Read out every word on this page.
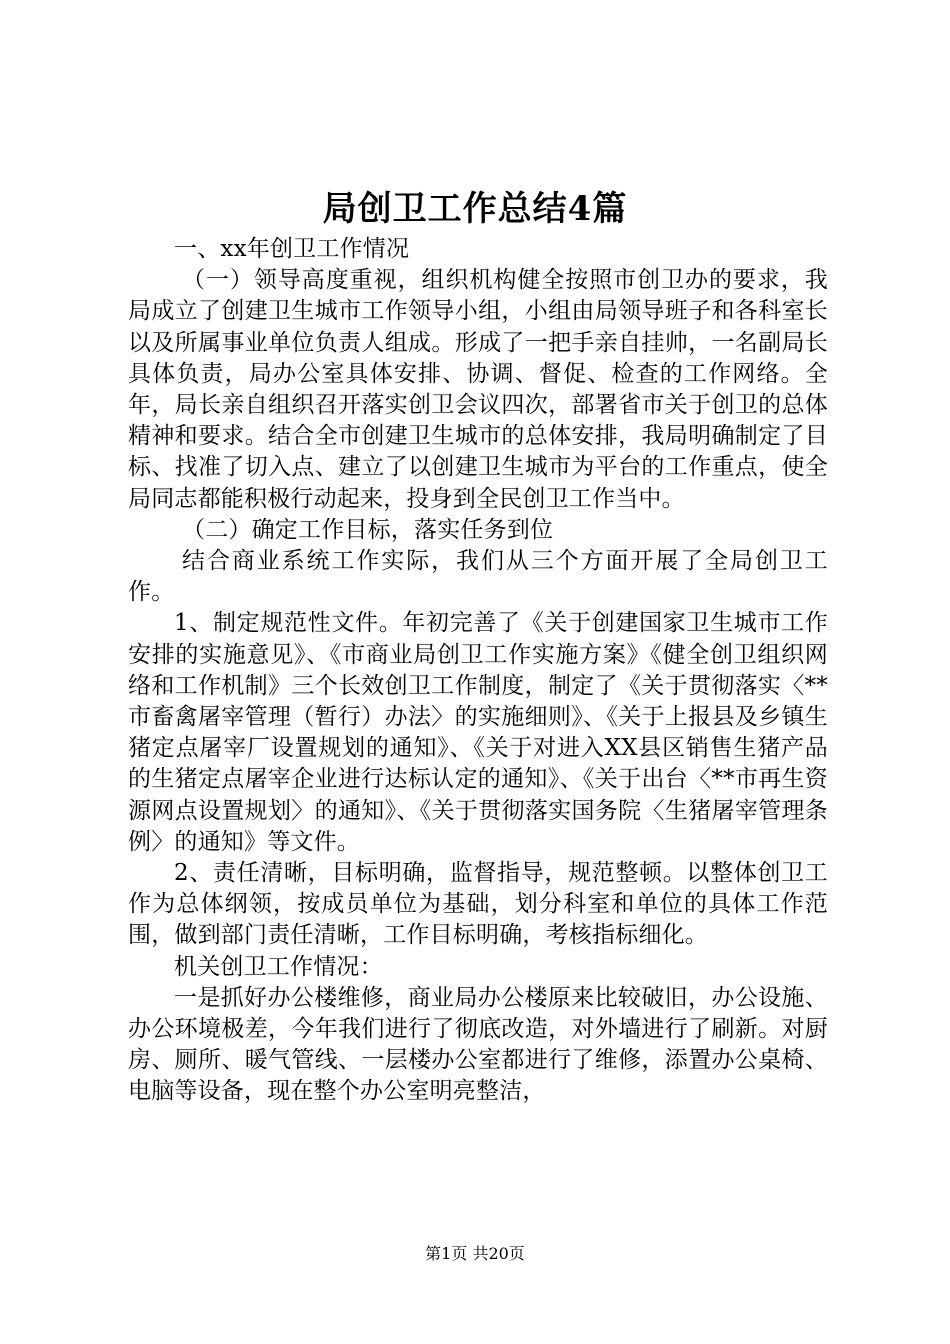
局创卫工作总结4篇

一、xx年创卫工作情况

（一）领导高度重视，组织机构健全按照市创卫办的要求，我局成立了创建卫生城市工作领导小组，小组由局领导班子和各科室长以及所属事业单位负责人组成。形成了一把手亲自挂帅，一名副局长具体负责，局办公室具体安排、协调、督促、检查的工作网络。全年，局长亲自组织召开落实创卫会议四次，部署省市关于创卫的总体精神和要求。结合全市创建卫生城市的总体安排，我局明确制定了目标、找准了切入点、建立了以创建卫生城市为平台的工作重点，使全局同志都能积极行动起来，投身到全民创卫工作当中。

（二）确定工作目标，落实任务到位

结合商业系统工作实际，我们从三个方面开展了全局创卫工作。

1、制定规范性文件。年初完善了《关于创建国家卫生城市工作安排的实施意见》、《市商业局创卫工作实施方案》《健全创卫组织网络和工作机制》三个长效创卫工作制度，制定了《关于贯彻落实〈**市畜禽屠宰管理（暂行）办法〉的实施细则》、《关于上报县及乡镇生猪定点屠宰厂设置规划的通知》、《关于对进入XX县区销售生猪产品的生猪定点屠宰企业进行达标认定的通知》、《关于出台〈**市再生资源网点设置规划〉的通知》、《关于贯彻落实国务院〈生猪屠宰管理条例〉的通知》等文件。

2、责任清晰，目标明确，监督指导，规范整顿。以整体创卫工作为总体纲领，按成员单位为基础，划分科室和单位的具体工作范围，做到部门责任清晰，工作目标明确，考核指标细化。

机关创卫工作情况：

一是抓好办公楼维修，商业局办公楼原来比较破旧，办公设施、办公环境极差，今年我们进行了彻底改造，对外墙进行了刷新。对厨房、厕所、暖气管线、一层楼办公室都进行了维修，添置办公桌椅、电脑等设备，现在整个办公室明亮整洁，

第1页 共20页
